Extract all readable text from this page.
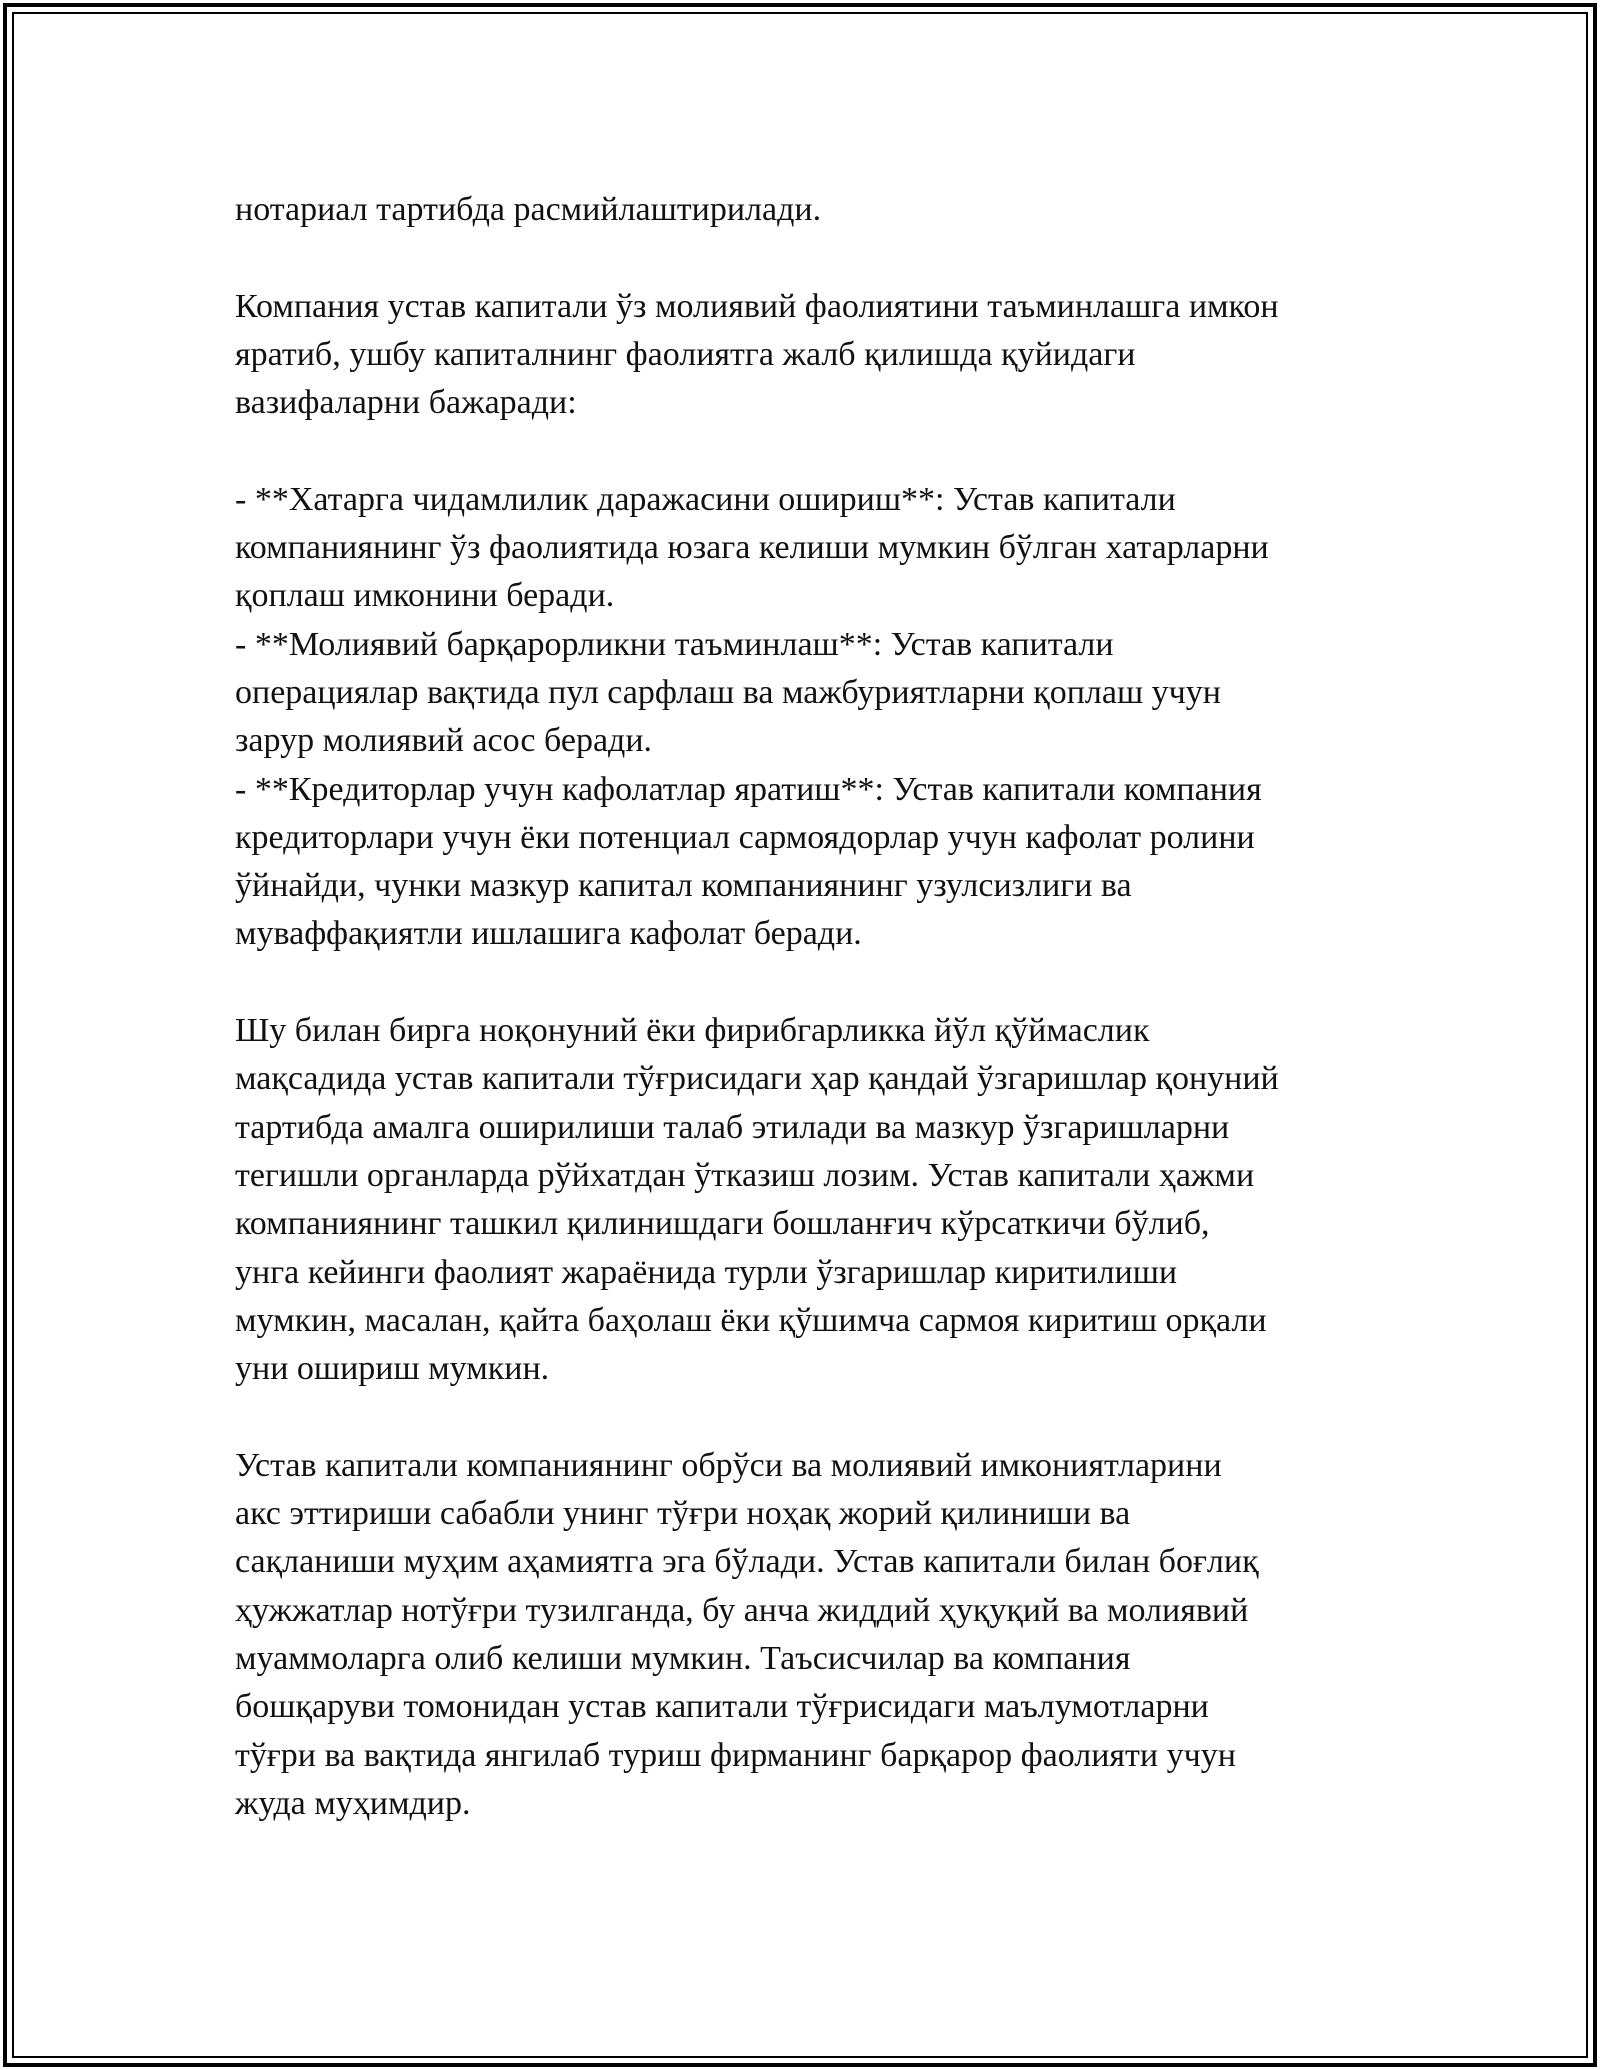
нотариал тартибда расмийлаштирилади.
Компания устав капитали ўз молиявий фаолиятини таъминлашга имкон
яратиб, ушбу капиталнинг фаолиятга жалб қилишда қуйидаги
вазифаларни бажаради:
- **Хатарга чидамлилик даражасини ошириш**: Устав капитали
компаниянинг ўз фаолиятида юзага келиши мумкин бўлган хатарларни
қоплаш имконини беради.
- **Молиявий барқарорликни таъминлаш**: Устав капитали
операциялар вақтида пул сарфлаш ва мажбуриятларни қоплаш учун
зарур молиявий асос беради.
- **Кредиторлар учун кафолатлар яратиш**: Устав капитали компания
кредиторлари учун ёки потенциал сармоядорлар учун кафолат ролини
ўйнайди, чунки мазкур капитал компаниянинг узулсизлиги ва
муваффақиятли ишлашига кафолат беради.
Шу билан бирга ноқонуний ёки фирибгарликка йўл қўймаслик
мақсадида устав капитали тўғрисидаги ҳар қандай ўзгаришлар қонуний
тартибда амалга оширилиши талаб этилади ва мазкур ўзгаришларни
тегишли органларда рўйхатдан ўтказиш лозим. Устав капитали ҳажми
компаниянинг ташкил қилинишдаги бошланғич кўрсаткичи бўлиб,
унга кейинги фаолият жараёнида турли ўзгаришлар киритилиши
мумкин, масалан, қайта баҳолаш ёки қўшимча сармоя киритиш орқали
уни ошириш мумкин.
Устав капитали компаниянинг обрўси ва молиявий имкониятларини
акс эттириши сабабли унинг тўғри ноҳақ жорий қилиниши ва
сақланиши муҳим аҳамиятга эга бўлади. Устав капитали билан боғлиқ
ҳужжатлар нотўғри тузилганда, бу анча жиддий ҳуқуқий ва молиявий
муаммоларга олиб келиши мумкин. Таъсисчилар ва компания
бошқаруви томонидан устав капитали тўғрисидаги маълумотларни
тўғри ва вақтида янгилаб туриш фирманинг барқарор фаолияти учун
жуда муҳимдир.
